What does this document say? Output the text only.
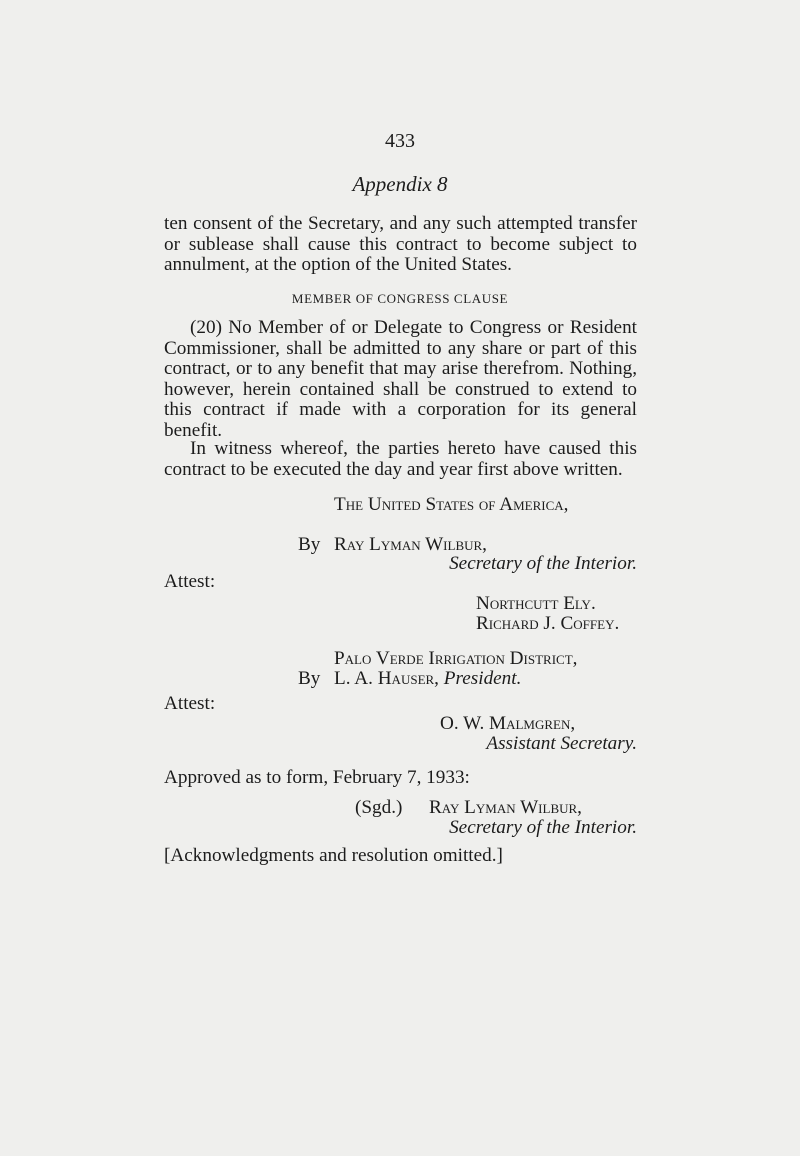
433
Appendix 8
ten consent of the Secretary, and any such attempted transfer or sublease shall cause this contract to become subject to annulment, at the option of the United States.
MEMBER OF CONGRESS CLAUSE
(20) No Member of or Delegate to Congress or Resident Commissioner, shall be admitted to any share or part of this contract, or to any benefit that may arise therefrom. Nothing, however, herein contained shall be construed to extend to this contract if made with a corporation for its general benefit.
In witness whereof, the parties hereto have caused this contract to be executed the day and year first above written.
The United States of America,
By Ray Lyman Wilbur,
Secretary of the Interior.
Attest:
Northcutt Ely.
Richard J. Coffey.
Palo Verde Irrigation District,
By L. A. Hauser, President.
Attest:
O. W. Malmgren,
Assistant Secretary.
Approved as to form, February 7, 1933:
(Sgd.) Ray Lyman Wilbur,
Secretary of the Interior.
[Acknowledgments and resolution omitted.]
